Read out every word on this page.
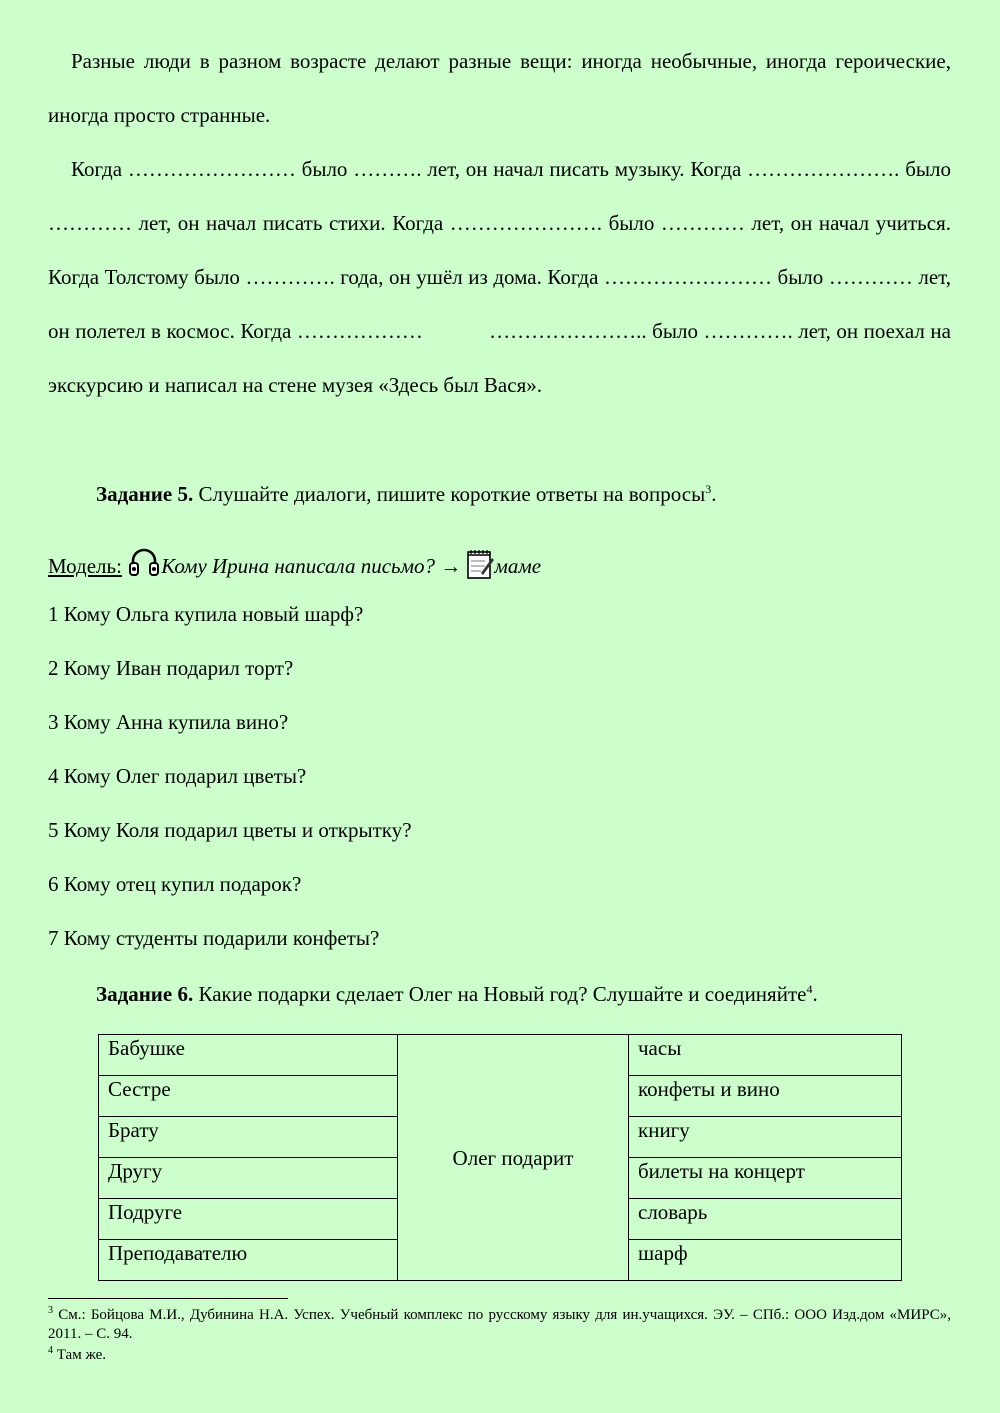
Разные люди в разном возрасте делают разные вещи: иногда необычные, иногда героические, иногда просто странные.

Когда …………………… было ………. лет, он начал писать музыку. Когда …………………. было ………… лет, он начал писать стихи. Когда …………………. было ………… лет, он начал учиться. Когда Толстому было …………. года, он ушёл из дома. Когда …………………… было ………… лет, он полетел в космос. Когда ………………            ………………….. было …………. лет, он поехал на экскурсию и написал на стене музея «Здесь был Вася».

Задание 5. Слушайте диалоги, пишите короткие ответы на вопросы$^3$.
Модель: Кому Ирина написала письмо? → маме
1 Кому Ольга купила новый шарф?
2 Кому Иван подарил торт?
3 Кому Анна купила вино?
4 Кому Олег подарил цветы?
5 Кому Коля подарил цветы и открытку?
6 Кому отец купил подарок?
7 Кому студенты подарили конфеты?
Задание 6. Какие подарки сделает Олег на Новый год? Слушайте и соединяйте$^4$.
Бабушке	Олег подарит	часы
Сестре		конфеты и вино
Брату		книгу
Другу		билеты на концерт
Подруге		словарь
Преподавателю		шарф

$^3$ См.: Бойцова М.И., Дубинина Н.А. Успех. Учебный комплекс по русскому языку для ин.учащихся. ЭУ. – СПб.: ООО Изд.дом «МИРС», 2011. – С. 94.

$^4$ Там же.
